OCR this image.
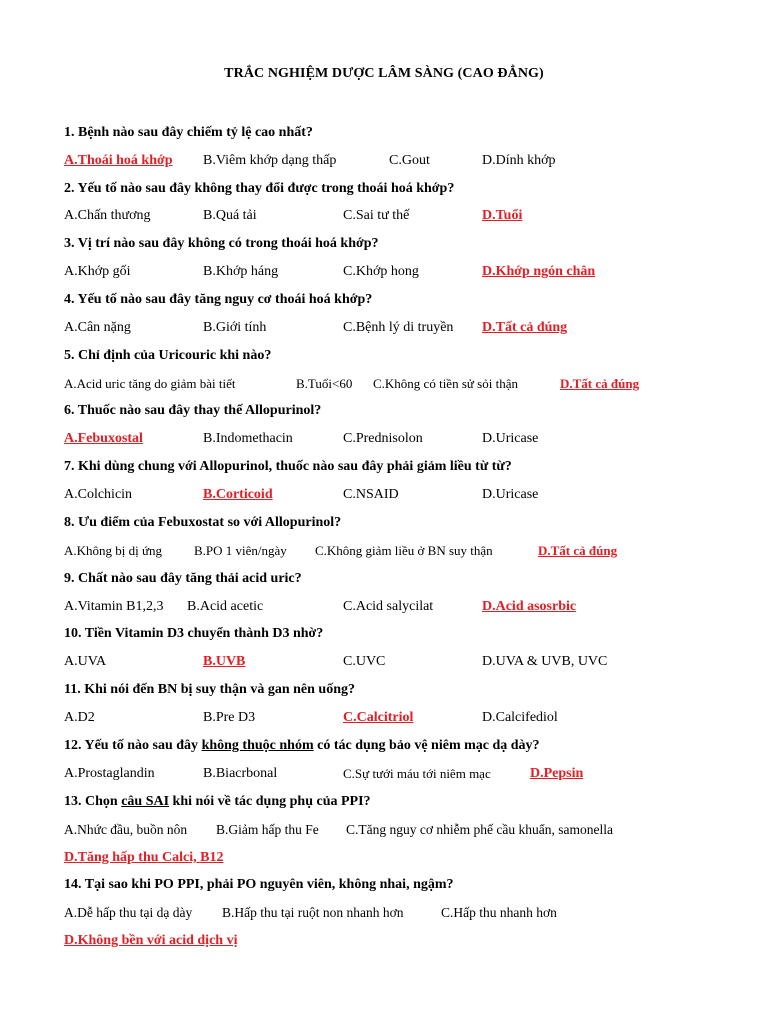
TRẮC NGHIỆM DƯỢC LÂM SÀNG (CAO ĐẲNG)
1. Bệnh nào sau đây chiếm tỷ lệ cao nhất?
A.Thoái hoá khớp B.Viêm khớp dạng thấp	C.Gout	D.Dính khớp
2. Yếu tố nào sau đây không thay đổi được trong thoái hoá khớp?
A.Chấn thương	B.Quá tải	C.Sai tư thế	D.Tuổi
3. Vị trí nào sau đây không có trong thoái hoá khớp?
A.Khớp gối	B.Khớp háng	C.Khớp hong	D.Khớp ngón chân
4. Yếu tố nào sau đây tăng nguy cơ thoái hoá khớp?
A.Cân nặng	B.Giới tính	C.Bệnh lý di truyền D.Tất cả đúng
5. Chỉ định của Uricouric khi nào?
A.Acid uric tăng do giảm bài tiết	B.Tuổi<60 C.Không có tiền sử sỏi thận	D.Tất cả đúng
6. Thuốc nào sau đây thay thế Allopurinol?
A.Febuxostal	B.Indomethacin	C.Prednisolon	D.Uricase
7. Khi dùng chung với Allopurinol, thuốc nào sau đây phải giảm liều từ từ?
A.Colchicin	B.Corticoid	C.NSAID	D.Uricase
8. Ưu điểm của Febuxostat so với Allopurinol?
A.Không bị dị ứng B.PO 1 viên/ngày C.Không giảm liều ở BN suy thận	D.Tất cả đúng
9. Chất nào sau đây tăng thải acid uric?
A.Vitamin B1,2,3 B.Acid acetic	C.Acid salycilat	D.Acid asosrbic
10. Tiền Vitamin D3 chuyển thành D3 nhờ?
A.UVA	B.UVB	C.UVC	D.UVA & UVB, UVC
11. Khi nói đến BN bị suy thận và gan nên uống?
A.D2	B.Pre D3	C.Calcitriol	D.Calcifediol
12. Yếu tố nào sau đây không thuộc nhóm có tác dụng bảo vệ niêm mạc dạ dày?
A.Prostaglandin	B.Biacrbonal	C.Sự tưới máu tới niêm mạc	D.Pepsin
13. Chọn câu SAI khi nói về tác dụng phụ của PPI?
A.Nhức đầu, buồn nôn B.Giảm hấp thu Fe C.Tăng nguy cơ nhiễm phế cầu khuẩn, samonella
D.Tăng hấp thu Calci, B12
14. Tại sao khi PO PPI, phải PO nguyên viên, không nhai, ngậm?
A.Dễ hấp thu tại dạ dày B.Hấp thu tại ruột non nhanh hơn	C.Hấp thu nhanh hơn
D.Không bền với acid dịch vị
